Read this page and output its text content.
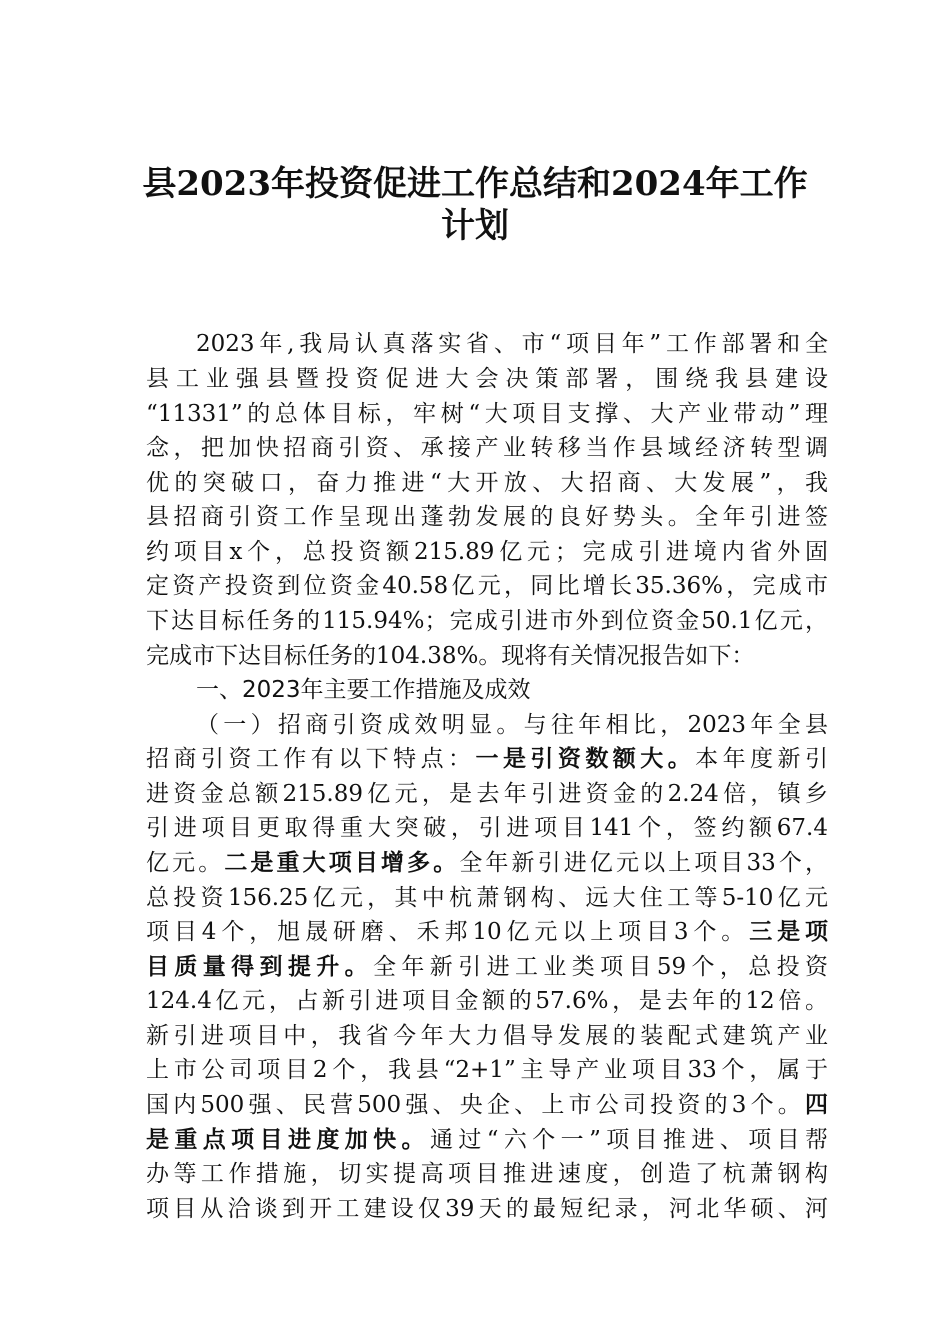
县2023年投资促进工作总结和2024年工作
计划
2023年,我局认真落实省、市“项目年”工作部署和全
县工业强县暨投资促进大会决策部署，围绕我县建设
“11331”的总体目标，牢树“大项目支撑、大产业带动”理
念，把加快招商引资、承接产业转移当作县域经济转型调
优的突破口，奋力推进“大开放、大招商、大发展”，我
县招商引资工作呈现出蓬勃发展的良好势头。全年引进签
约项目x个，总投资额215.89亿元；完成引进境内省外固
定资产投资到位资金40.58亿元，同比增长35.36%，完成市
下达目标任务的115.94%；完成引进市外到位资金50.1亿元，
完成市下达目标任务的104.38%。现将有关情况报告如下：
一、2023年主要工作措施及成效
（一）招商引资成效明显。与往年相比，2023年全县
招商引资工作有以下特点：一是引资数额大。本年度新引
进资金总额215.89亿元，是去年引进资金的2.24倍，镇乡
引进项目更取得重大突破，引进项目141个，签约额67.4
亿元。二是重大项目增多。全年新引进亿元以上项目33个，
总投资156.25亿元，其中杭萧钢构、远大住工等5-10亿元
项目4个，旭晟研磨、禾邦10亿元以上项目3个。三是项
目质量得到提升。全年新引进工业类项目59个，总投资
124.4亿元，占新引进项目金额的57.6%，是去年的12倍。
新引进项目中，我省今年大力倡导发展的装配式建筑产业
上市公司项目2个，我县“2+1”主导产业项目33个，属于
国内500强、民营500强、央企、上市公司投资的3个。四
是重点项目进度加快。通过“六个一”项目推进、项目帮
办等工作措施，切实提高项目推进速度，创造了杭萧钢构
项目从洽谈到开工建设仅39天的最短纪录，河北华硕、河
